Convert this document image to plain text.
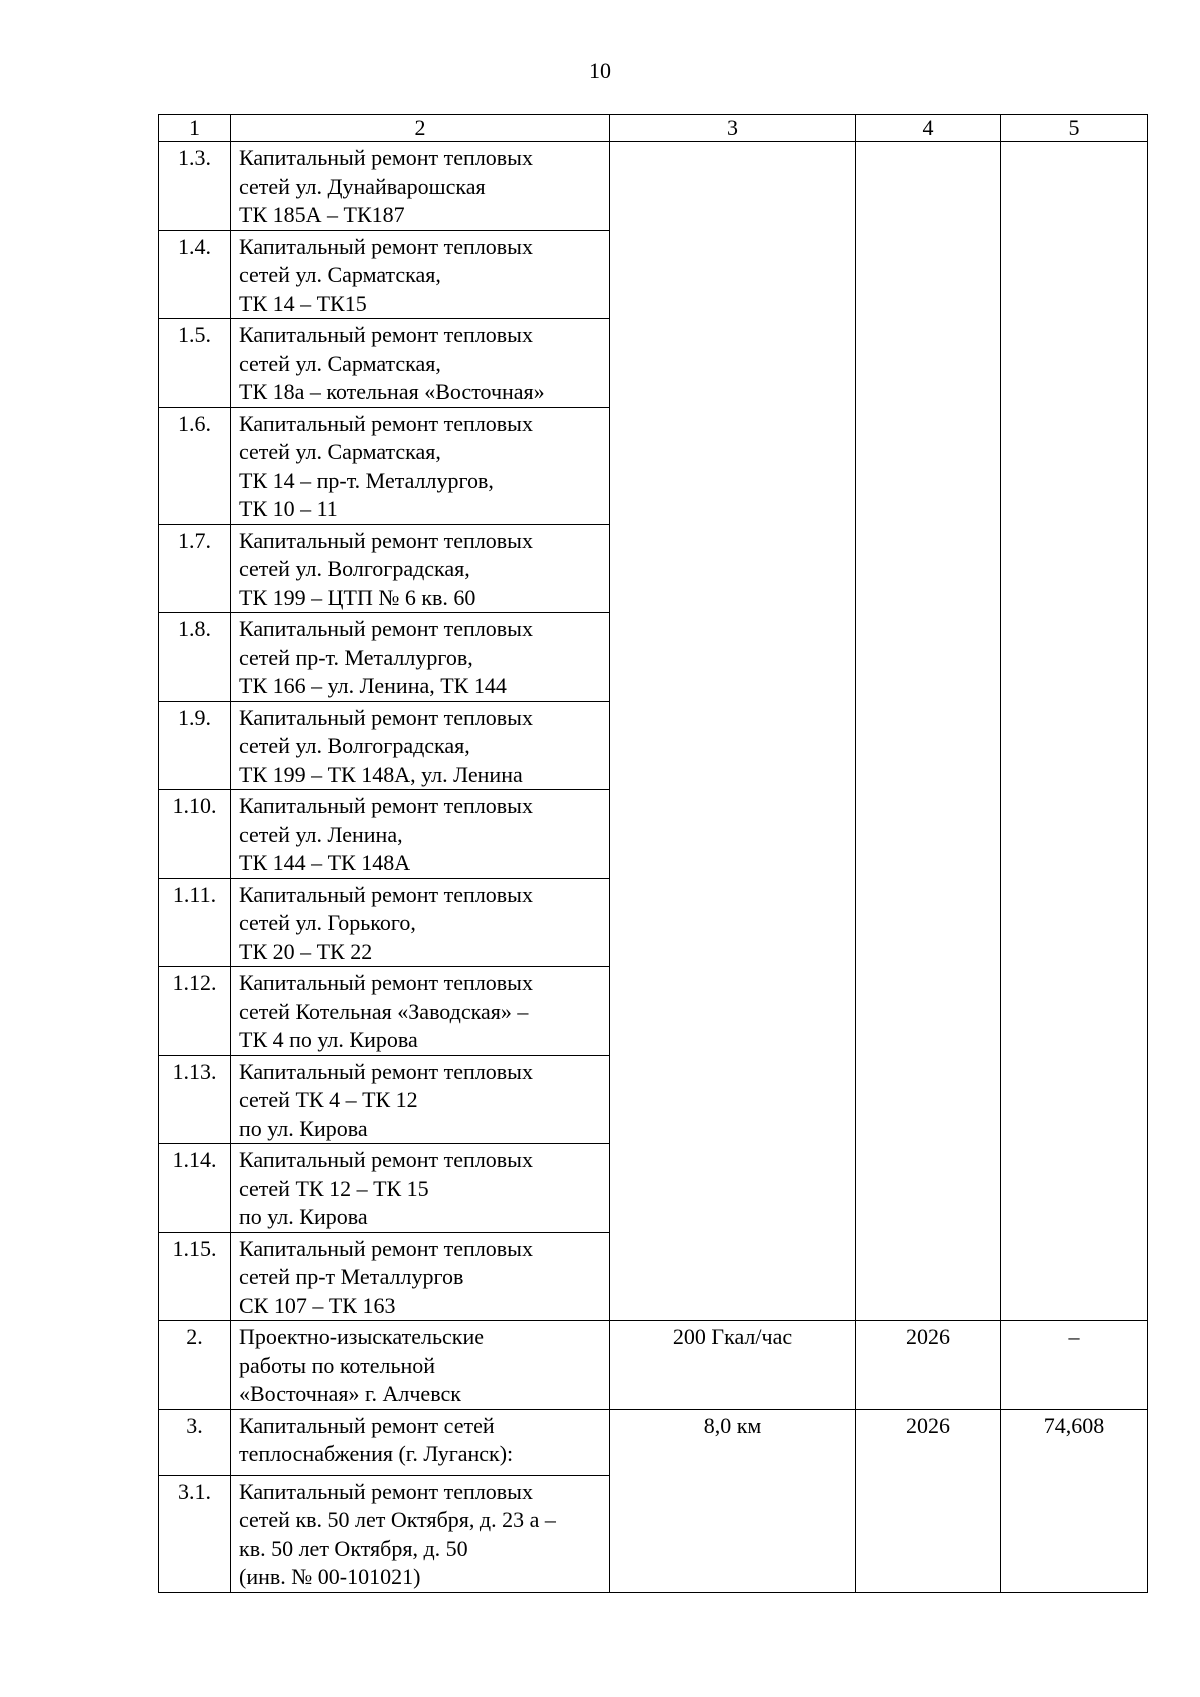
10
1	2	3	4	5
1.3.	Капитальный ремонт тепловых
сетей ул. Дунайварошская
ТК 185А – ТК187			

1.4.	Капитальный ремонт тепловых
сетей ул. Сарматская,
ТК 14 – ТК15			

1.5.	Капитальный ремонт тепловых
сетей ул. Сарматская,
ТК 18а – котельная «Восточная»			

1.6.	Капитальный ремонт тепловых
сетей ул. Сарматская,
ТК 14 – пр-т. Металлургов,
ТК 10 – 11			

1.7.	Капитальный ремонт тепловых
сетей ул. Волгоградская,
ТК 199 – ЦТП № 6 кв. 60			

1.8.	Капитальный ремонт тепловых
сетей пр-т. Металлургов,
ТК 166 – ул. Ленина, ТК 144			

1.9.	Капитальный ремонт тепловых
сетей ул. Волгоградская,
ТК 199 – ТК 148А, ул. Ленина			

1.10.	Капитальный ремонт тепловых
сетей ул. Ленина,
ТК 144 – ТК 148А			

1.11.	Капитальный ремонт тепловых
сетей ул. Горького,
ТК 20 – ТК 22			

1.12.	Капитальный ремонт тепловых
сетей Котельная «Заводская» –
ТК 4 по ул. Кирова			

1.13.	Капитальный ремонт тепловых
сетей ТК 4 – ТК 12
по ул. Кирова			

1.14.	Капитальный ремонт тепловых
сетей ТК 12 – ТК 15
по ул. Кирова			

1.15.	Капитальный ремонт тепловых
сетей пр-т Металлургов
СК 107 – ТК 163			

2.	Проектно-изыскательские
работы по котельной
«Восточная» г. Алчевск	200 Гкал/час	2026	–
3.	Капитальный ремонт сетей
теплоснабжения (г. Луганск):	8,0 км	2026	74,608
3.1.	Капитальный ремонт тепловых
сетей кв. 50 лет Октября, д. 23 а –
кв. 50 лет Октября, д. 50
(инв. № 00-101021)			
